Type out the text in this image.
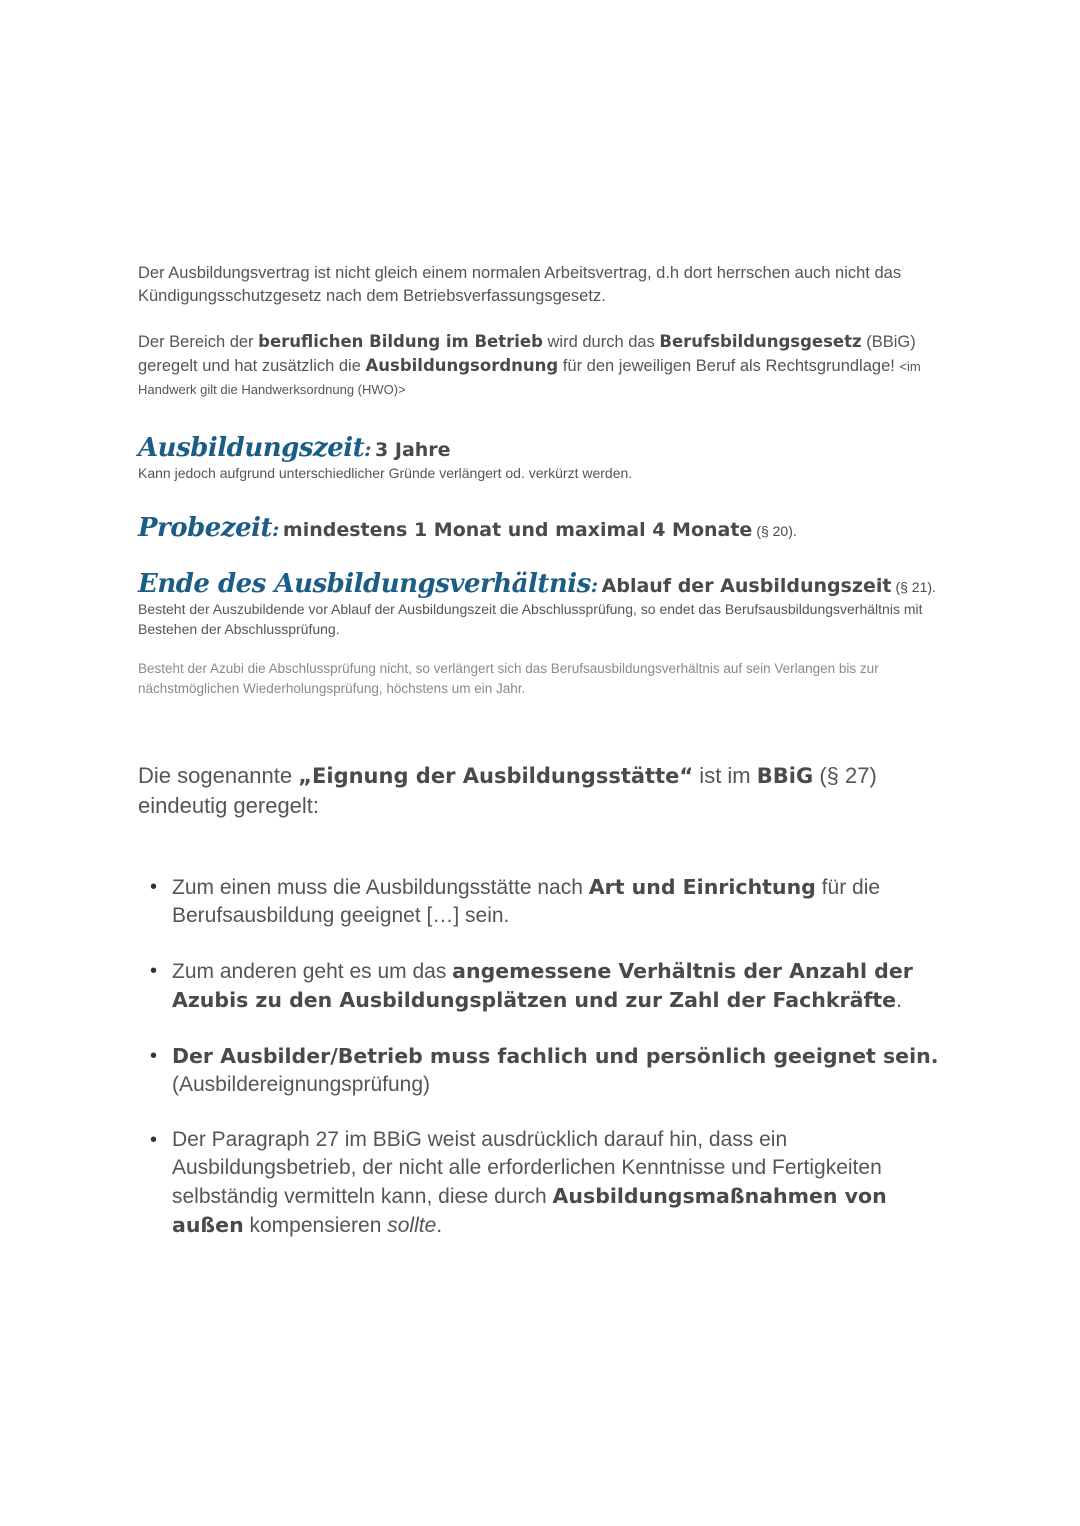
Der Ausbildungsvertrag ist nicht gleich einem normalen Arbeitsvertrag, d.h dort herrschen auch nicht das Kündigungsschutzgesetz nach dem Betriebsverfassungsgesetz.

Der Bereich der beruflichen Bildung im Betrieb wird durch das Berufsbildungsgesetz (BBiG) geregelt und hat zusätzlich die Ausbildungsordnung für den jeweiligen Beruf als Rechtsgrundlage! <im Handwerk gilt die Handwerksordnung (HWO)>

Ausbildungszeit : 3 Jahre

Kann jedoch aufgrund unterschiedlicher Gründe verlängert od. verkürzt werden.

Probezeit : mindestens 1 Monat und maximal 4 Monate (§ 20).
Ende des Ausbildungsverhältnis : Ablauf der Ausbildungszeit (§ 21).

Besteht der Auszubildende vor Ablauf der Ausbildungszeit die Abschlussprüfung, so endet das Berufsausbildungsverhältnis mit Bestehen der Abschlussprüfung.

Besteht der Azubi die Abschlussprüfung nicht, so verlängert sich das Berufsausbildungsverhältnis auf sein Verlangen bis zur nächstmöglichen Wiederholungsprüfung, höchstens um ein Jahr.

Die sogenannte „Eignung der Ausbildungsstätte“ ist im BBiG (§ 27) eindeutig geregelt:

• Zum einen muss die Ausbildungsstätte nach Art und Einrichtung für die Berufsausbildung geeignet […] sein.
• Zum anderen geht es um das angemessene Verhältnis der Anzahl der Azubis zu den Ausbildungsplätzen und zur Zahl der Fachkräfte.
• Der Ausbilder/Betrieb muss fachlich und persönlich geeignet sein. (Ausbildereignungsprüfung)
• Der Paragraph 27 im BBiG weist ausdrücklich darauf hin, dass ein Ausbildungsbetrieb, der nicht alle erforderlichen Kenntnisse und Fertigkeiten selbständig vermitteln kann, diese durch Ausbildungsmaßnahmen von außen kompensieren sollte.
